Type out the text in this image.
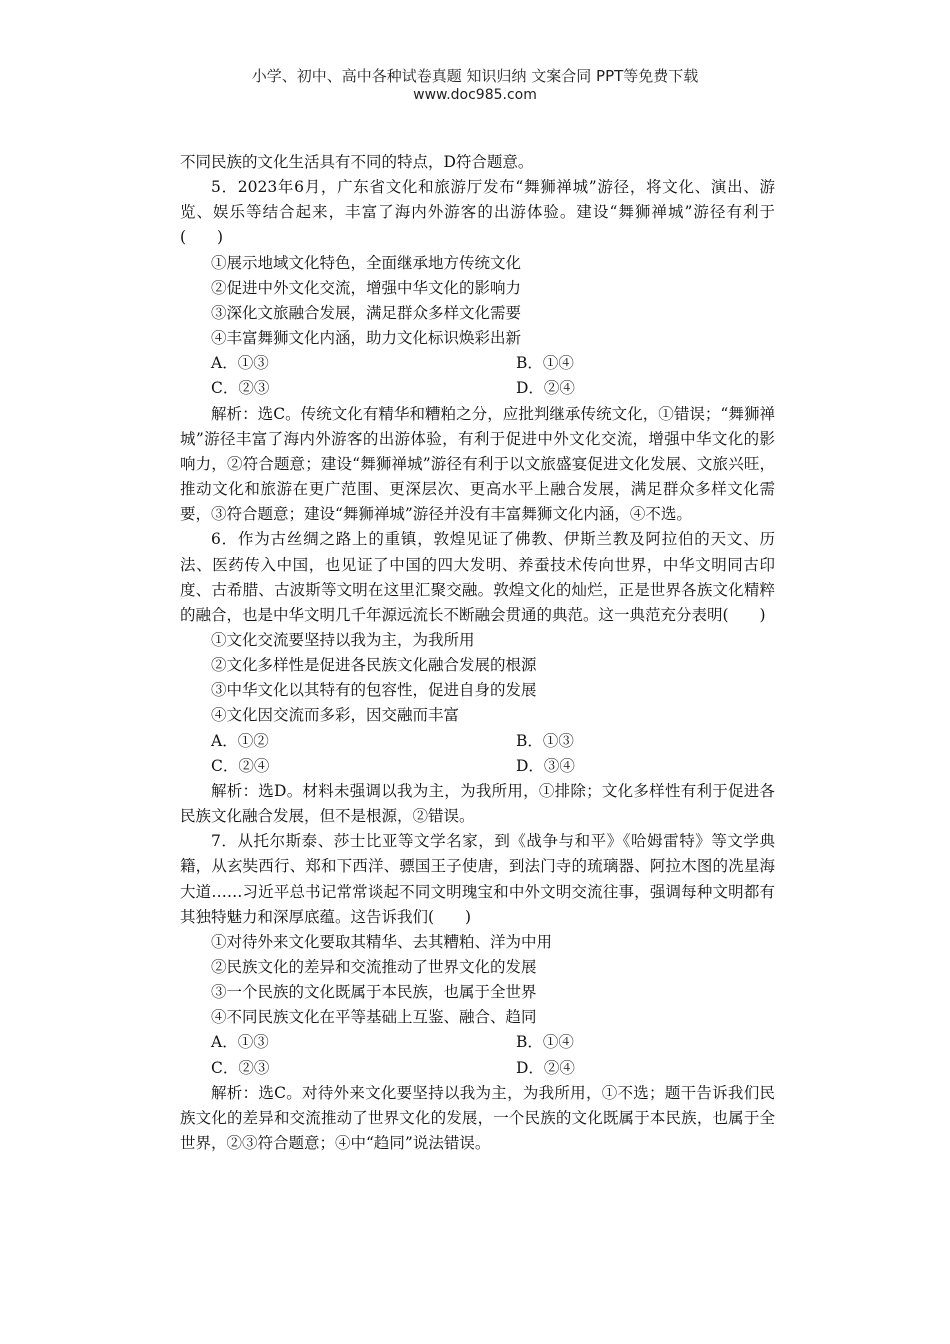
小学、初中、高中各种试卷真题 知识归纳 文案合同 PPT等免费下载
www.doc985.com

不同民族的文化生活具有不同的特点，D符合题意。

5．2023年6月，广东省文化和旅游厅发布“舞狮禅城”游径，将文化、演出、游览、娱乐等结合起来，丰富了海内外游客的出游体验。建设“舞狮禅城”游径有利于　(　　)

①展示地域文化特色，全面继承地方传统文化

②促进中外文化交流，增强中华文化的影响力

③深化文旅融合发展，满足群众多样文化需要

④丰富舞狮文化内涵，助力文化标识焕彩出新

A．①③	B．①④
C．②③	D．②④

解析：选C。传统文化有精华和糟粕之分，应批判继承传统文化，①错误；“舞狮禅城”游径丰富了海内外游客的出游体验，有利于促进中外文化交流，增强中华文化的影响力，②符合题意；建设“舞狮禅城”游径有利于以文旅盛宴促进文化发展、文旅兴旺，推动文化和旅游在更广范围、更深层次、更高水平上融合发展，满足群众多样文化需要，③符合题意；建设“舞狮禅城”游径并没有丰富舞狮文化内涵，④不选。

6．作为古丝绸之路上的重镇，敦煌见证了佛教、伊斯兰教及阿拉伯的天文、历法、医药传入中国，也见证了中国的四大发明、养蚕技术传向世界，中华文明同古印度、古希腊、古波斯等文明在这里汇聚交融。敦煌文化的灿烂，正是世界各族文化精粹的融合，也是中华文明几千年源远流长不断融会贯通的典范。这一典范充分表明(　　)

①文化交流要坚持以我为主，为我所用

②文化多样性是促进各民族文化融合发展的根源

③中华文化以其特有的包容性，促进自身的发展

④文化因交流而多彩，因交融而丰富

A．①②	B．①③
C．②④	D．③④

解析：选D。材料未强调以我为主，为我所用，①排除；文化多样性有利于促进各民族文化融合发展，但不是根源，②错误。

7．从托尔斯泰、莎士比亚等文学名家，到《战争与和平》《哈姆雷特》等文学典籍，从玄奘西行、郑和下西洋、骠国王子使唐，到法门寺的琉璃器、阿拉木图的冼星海大道……习近平总书记常常谈起不同文明瑰宝和中外文明交流往事，强调每种文明都有其独特魅力和深厚底蕴。这告诉我们(　　)

①对待外来文化要取其精华、去其糟粕、洋为中用

②民族文化的差异和交流推动了世界文化的发展

③一个民族的文化既属于本民族，也属于全世界

④不同民族文化在平等基础上互鉴、融合、趋同

A．①③	B．①④
C．②③	D．②④

解析：选C。对待外来文化要坚持以我为主，为我所用，①不选；题干告诉我们民族文化的差异和交流推动了世界文化的发展，一个民族的文化既属于本民族，也属于全世界，②③符合题意；④中“趋同”说法错误。
